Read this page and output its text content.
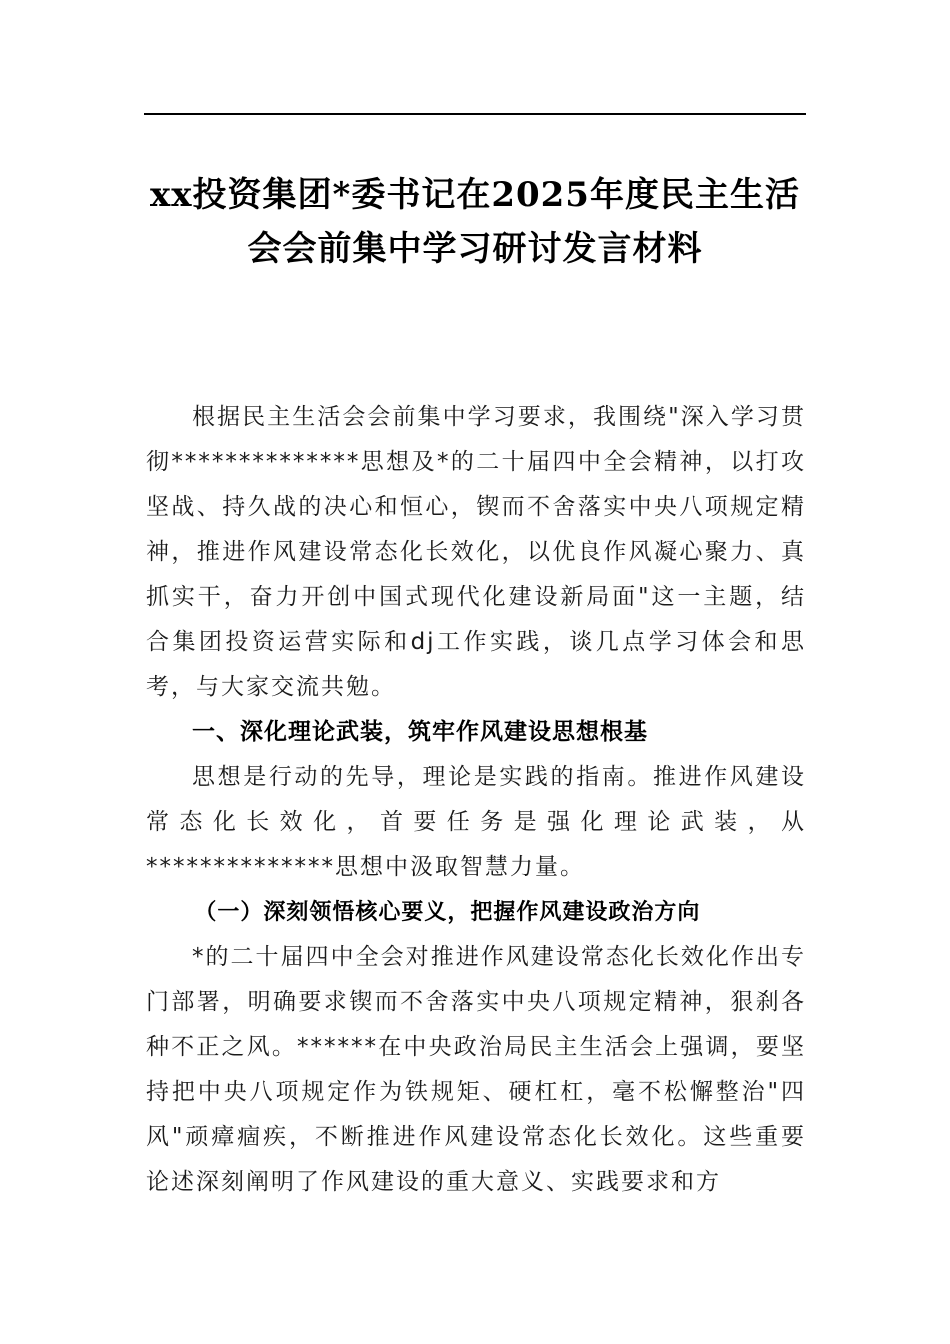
xx投资集团*委书记在2025年度民主生活
会会前集中学习研讨发言材料

根据民主生活会会前集中学习要求，我围绕"深入学习贯彻**************思想及*的二十届四中全会精神，以打攻坚战、持久战的决心和恒心，锲而不舍落实中央八项规定精神，推进作风建设常态化长效化，以优良作风凝心聚力、真抓实干，奋力开创中国式现代化建设新局面"这一主题，结合集团投资运营实际和dj工作实践，谈几点学习体会和思考，与大家交流共勉。

一、深化理论武装，筑牢作风建设思想根基

思想是行动的先导，理论是实践的指南。推进作风建设常态化长效化，首要任务是强化理论武装，从**************思想中汲取智慧力量。

（一）深刻领悟核心要义，把握作风建设政治方向

*的二十届四中全会对推进作风建设常态化长效化作出专门部署，明确要求锲而不舍落实中央八项规定精神，狠刹各种不正之风。******在中央政治局民主生活会上强调，要坚持把中央八项规定作为铁规矩、硬杠杠，毫不松懈整治"四风"顽瘴痼疾，不断推进作风建设常态化长效化。这些重要论述深刻阐明了作风建设的重大意义、实践要求和方
